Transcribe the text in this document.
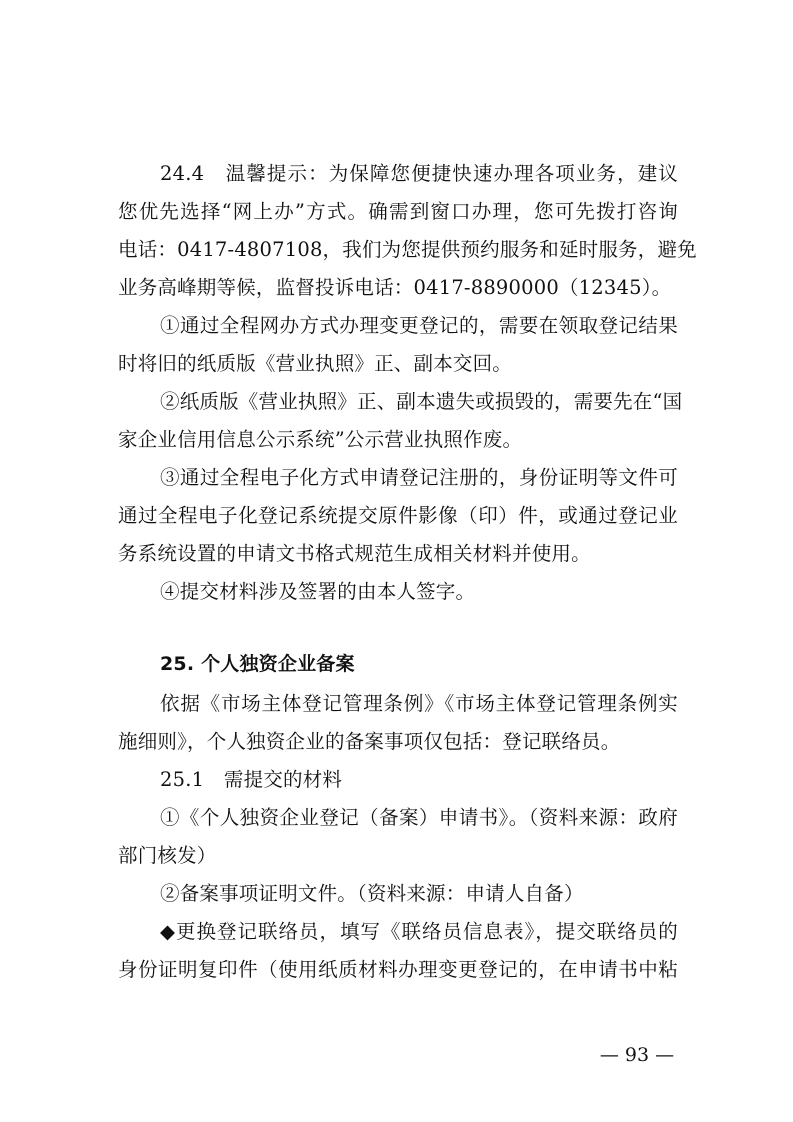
24.4　温馨提示：为保障您便捷快速办理各项业务，建议
您优先选择“网上办”方式。确需到窗口办理，您可先拨打咨询
电话：0417-4807108，我们为您提供预约服务和延时服务，避免
业务高峰期等候，监督投诉电话：0417-8890000（12345）。
①通过全程网办方式办理变更登记的，需要在领取登记结果
时将旧的纸质版《营业执照》正、副本交回。
②纸质版《营业执照》正、副本遗失或损毁的，需要先在“国
家企业信用信息公示系统”公示营业执照作废。
③通过全程电子化方式申请登记注册的，身份证明等文件可
通过全程电子化登记系统提交原件影像（印）件，或通过登记业
务系统设置的申请文书格式规范生成相关材料并使用。
④提交材料涉及签署的由本人签字。
25. 个人独资企业备案
依据《市场主体登记管理条例》《市场主体登记管理条例实
施细则》，个人独资企业的备案事项仅包括：登记联络员。
25.1　需提交的材料
①《个人独资企业登记（备案）申请书》。（资料来源：政府
部门核发）
②备案事项证明文件。（资料来源：申请人自备）
◆更换登记联络员，填写《联络员信息表》，提交联络员的
身份证明复印件（使用纸质材料办理变更登记的，在申请书中粘
— 93 —
